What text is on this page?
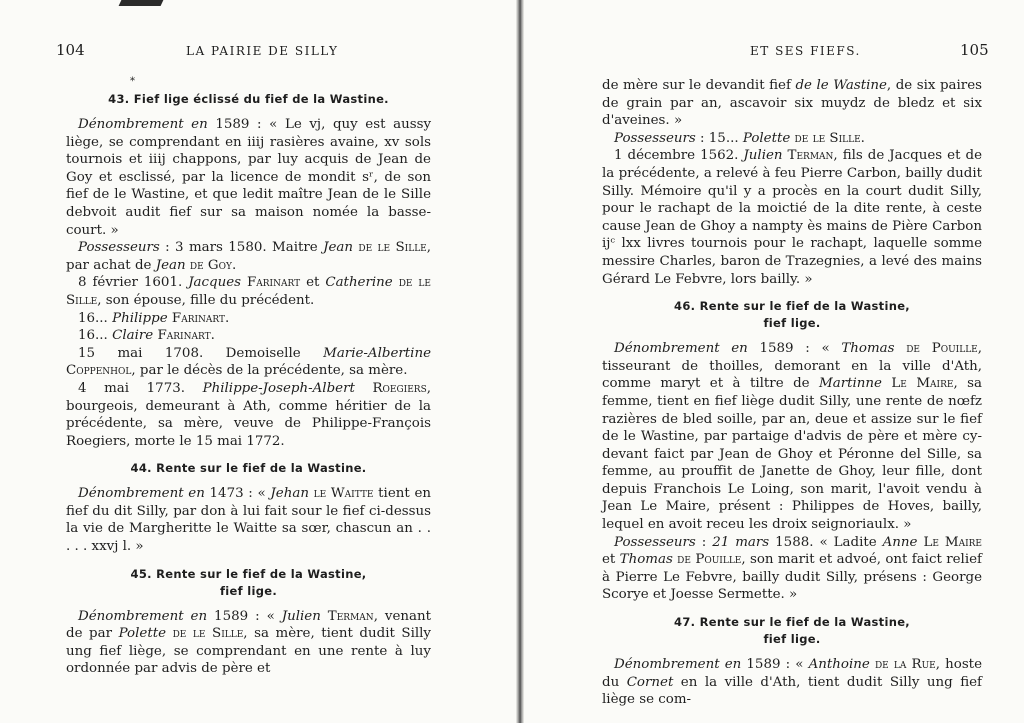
104	LA PAIRIE DE SILLY
*
43. Fief lige éclissé du fief de la Wastine.

Dénombrement en 1589 : « Le vj, quy est aussy liège, se comprendant en iiij rasières avaine, xv sols tournois et iiij chappons, par luy acquis de Jean de Goy et esclissé, par la licence de mondit sʳ, de son fief de le Wastine, et que ledit maître Jean de le Sille debvoit audit fief sur sa maison nomée la basse-court. »

Possesseurs : 3 mars 1580. Maitre Jean de le Sille, par achat de Jean de Goy.

8 février 1601. Jacques Farinart et Catherine de le Sille, son épouse, fille du précédent.

16... Philippe Farinart.

16... Claire Farinart.

15 mai 1708. Demoiselle Marie-Albertine Coppenhol, par le décès de la précédente, sa mère.

4 mai 1773. Philippe-Joseph-Albert Roegiers, bourgeois, demeurant à Ath, comme héritier de la précédente, sa mère, veuve de Philippe-François Roegiers, morte le 15 mai 1772.

44. Rente sur le fief de la Wastine.

Dénombrement en 1473 : « Jehan le Waitte tient en fief du dit Silly, par don à lui fait sour le fief ci-dessus la vie de Margheritte le Waitte sa sœr, chascun an . . . . . xxvj l. »

45. Rente sur le fief de la Wastine,
fief lige.

Dénombrement en 1589 : « Julien Terman, venant de par Polette de le Sille, sa mère, tient dudit Silly ung fief liège, se comprendant en une rente à luy ordonnée par advis de père et

ET SES FIEFS.	105

de mère sur le devandit fief de le Wastine, de six paires de grain par an, ascavoir six muydz de bledz et six d'aveines. »

Possesseurs : 15... Polette de le Sille.

1 décembre 1562. Julien Terman, fils de Jacques et de la précédente, a relevé à feu Pierre Carbon, bailly dudit Silly. Mémoire qu'il y a procès en la court dudit Silly, pour le rachapt de la moictié de la dite rente, à ceste cause Jean de Ghoy a nampty ès mains de Pière Carbon ijᶜ lxx livres tournois pour le rachapt, laquelle somme messire Charles, baron de Trazegnies, a levé des mains Gérard Le Febvre, lors bailly. »

46. Rente sur le fief de la Wastine,
fief lige.

Dénombrement en 1589 : « Thomas de Pouille, tisseurant de thoilles, demorant en la ville d'Ath, comme maryt et à tiltre de Martinne Le Maire, sa femme, tient en fief liège dudit Silly, une rente de nœfz razières de bled soille, par an, deue et assize sur le fief de le Wastine, par partaige d'advis de père et mère cy-devant faict par Jean de Ghoy et Péronne del Sille, sa femme, au prouffit de Janette de Ghoy, leur fille, dont depuis Franchois Le Loing, son marit, l'avoit vendu à Jean Le Maire, présent : Philippes de Hoves, bailly, lequel en avoit receu les droix seignoriaulx. »

Possesseurs : 21 mars 1588. « Ladite Anne Le Maire et Thomas de Pouille, son marit et advoé, ont faict relief à Pierre Le Febvre, bailly dudit Silly, présens : George Scorye et Joesse Sermette. »

47. Rente sur le fief de la Wastine,
fief lige.

Dénombrement en 1589 : « Anthoine de la Rue, hoste du Cornet en la ville d'Ath, tient dudit Silly ung fief liège se com-
